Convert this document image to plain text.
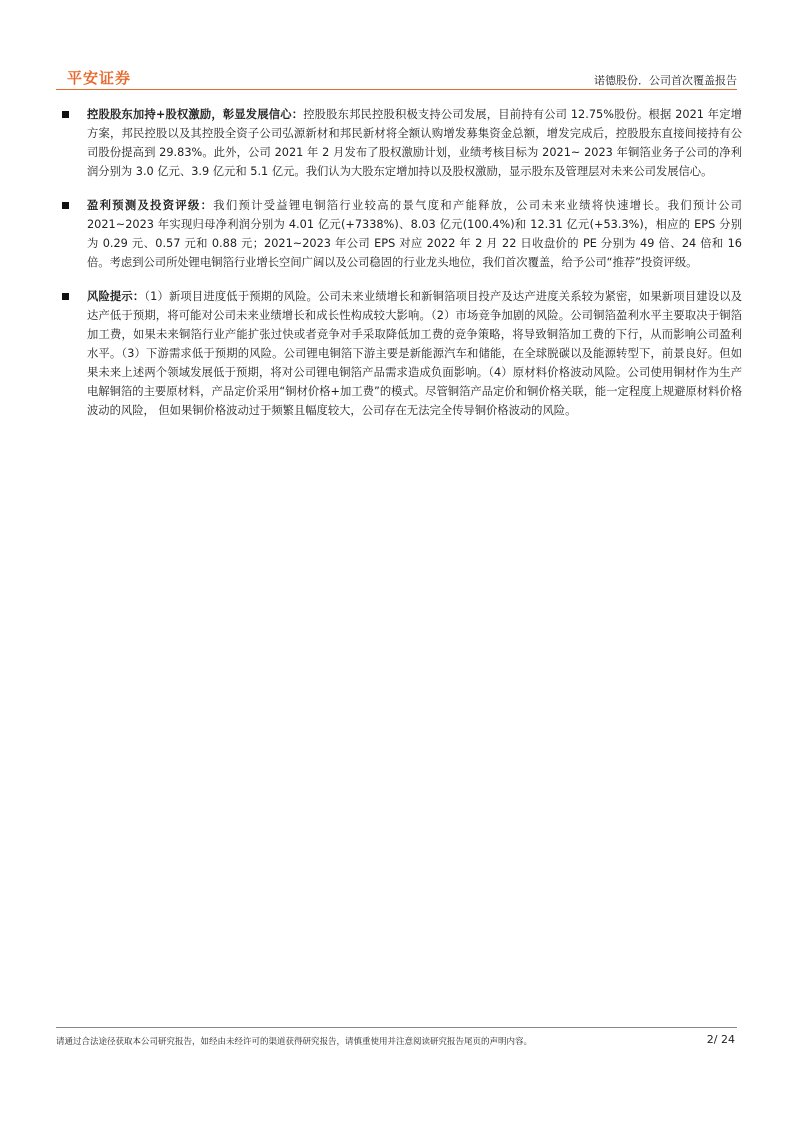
平安证券	诺德股份．公司首次覆盖报告
控股股东加持+股权激励，彰显发展信心：控股股东邦民控股积极支持公司发展，目前持有公司 12.75%股份。根据 2021 年定增方案，邦民控股以及其控股全资子公司弘源新材和邦民新材将全额认购增发募集资金总额，增发完成后，控股股东直接间接持有公司股份提高到 29.83%。此外，公司 2021 年 2 月发布了股权激励计划，业绩考核目标为 2021~ 2023 年铜箔业务子公司的净利润分别为 3.0 亿元、3.9 亿元和 5.1 亿元。我们认为大股东定增加持以及股权激励，显示股东及管理层对未来公司发展信心。
盈利预测及投资评级：我们预计受益锂电铜箔行业较高的景气度和产能释放，公司未来业绩将快速增长。我们预计公司 2021~2023 年实现归母净利润分别为 4.01 亿元(+7338%)、8.03 亿元(100.4%)和 12.31 亿元(+53.3%)，相应的 EPS 分别为 0.29 元、0.57 元和 0.88 元；2021~2023 年公司 EPS 对应 2022 年 2 月 22 日收盘价的 PE 分别为 49 倍、24 倍和 16 倍。考虑到公司所处锂电铜箔行业增长空间广阔以及公司稳固的行业龙头地位，我们首次覆盖，给予公司“推荐”投资评级。
风险提示：（1）新项目进度低于预期的风险。公司未来业绩增长和新铜箔项目投产及达产进度关系较为紧密，如果新项目建设以及达产低于预期，将可能对公司未来业绩增长和成长性构成较大影响。（2）市场竞争加剧的风险。公司铜箔盈利水平主要取决于铜箔加工费，如果未来铜箔行业产能扩张过快或者竞争对手采取降低加工费的竞争策略，将导致铜箔加工费的下行，从而影响公司盈利水平。（3）下游需求低于预期的风险。公司锂电铜箔下游主要是新能源汽车和储能，在全球脱碳以及能源转型下，前景良好。但如果未来上述两个领域发展低于预期，将对公司锂电铜箔产品需求造成负面影响。（4）原材料价格波动风险。公司使用铜材作为生产电解铜箔的主要原材料，产品定价采用“铜材价格+加工费”的模式。尽管铜箔产品定价和铜价格关联，能一定程度上规避原材料价格波动的风险， 但如果铜价格波动过于频繁且幅度较大，公司存在无法完全传导铜价格波动的风险。
请通过合法途径获取本公司研究报告，如经由未经许可的渠道获得研究报告，请慎重使用并注意阅读研究报告尾页的声明内容。	2/ 24
